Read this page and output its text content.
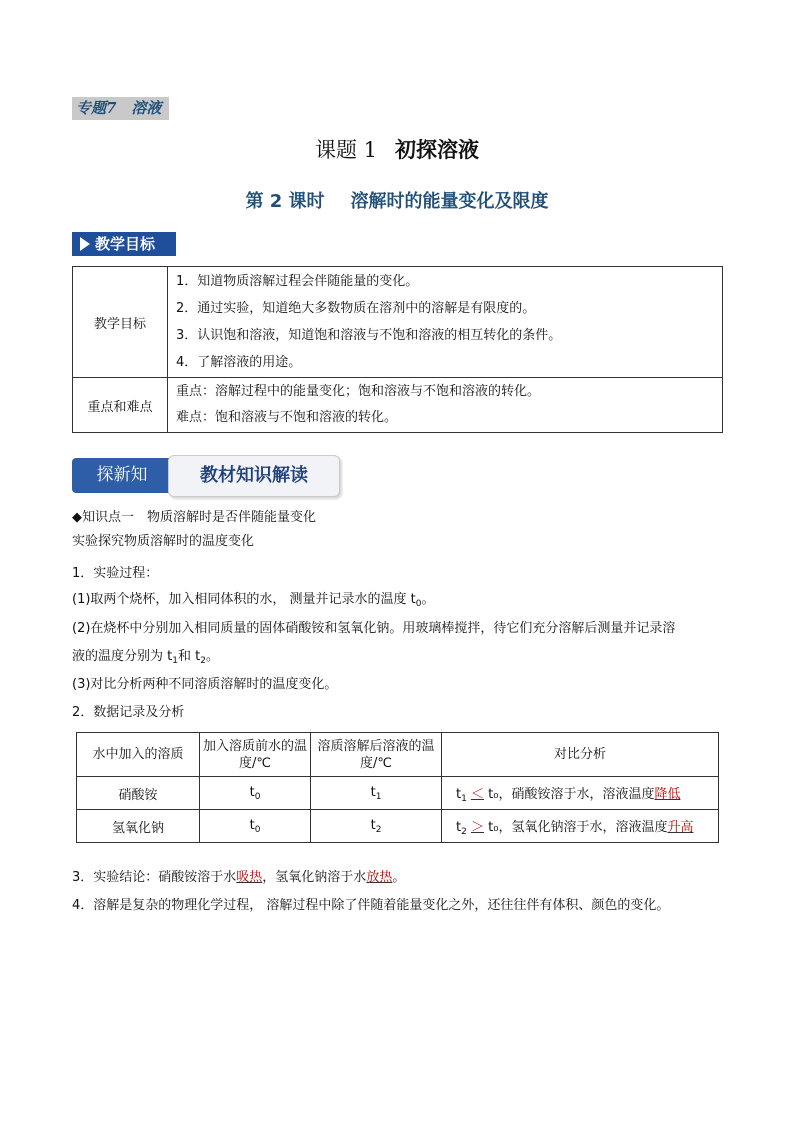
专题7　溶液
课题 1 初探溶液
第 2 课时 溶解时的能量变化及限度
教学目标
教学目标	1．知道物质溶解过程会伴随能量的变化。
2．通过实验，知道绝大多数物质在溶剂中的溶解是有限度的。
3．认识饱和溶液，知道饱和溶液与不饱和溶液的相互转化的条件。
4．了解溶液的用途。

重点和难点	重点：溶解过程中的能量变化；饱和溶液与不饱和溶液的转化。
难点：饱和溶液与不饱和溶液的转化。
探新知	教材知识解读
◆知识点一　物质溶解时是否伴随能量变化
实验探究物质溶解时的温度变化
1．实验过程：
(1)取两个烧杯，加入相同体积的水， 测量并记录水的温度 $t_0$。
(2)在烧杯中分别加入相同质量的固体硝酸铵和氢氧化钠。用玻璃棒搅拌，待它们充分溶解后测量并记录溶
液的温度分别为 $t_1$和 $t_2$。
(3)对比分析两种不同溶质溶解时的温度变化。
2．数据记录及分析
水中加入的溶质	加入溶质前水的温度/℃	溶质溶解后溶液的温度/℃	对比分析
硝酸铵	$t_0$	$t_1$	$t_1 < t_0$，硝酸铵溶于水，溶液温度降低
氢氧化钠	$t_0$	$t_2$	$t_2 > t_0$，氢氧化钠溶于水，溶液温度升高
3．实验结论：硝酸铵溶于水吸热，氢氧化钠溶于水放热。
4．溶解是复杂的物理化学过程， 溶解过程中除了伴随着能量变化之外，还往往伴有体积、颜色的变化。
